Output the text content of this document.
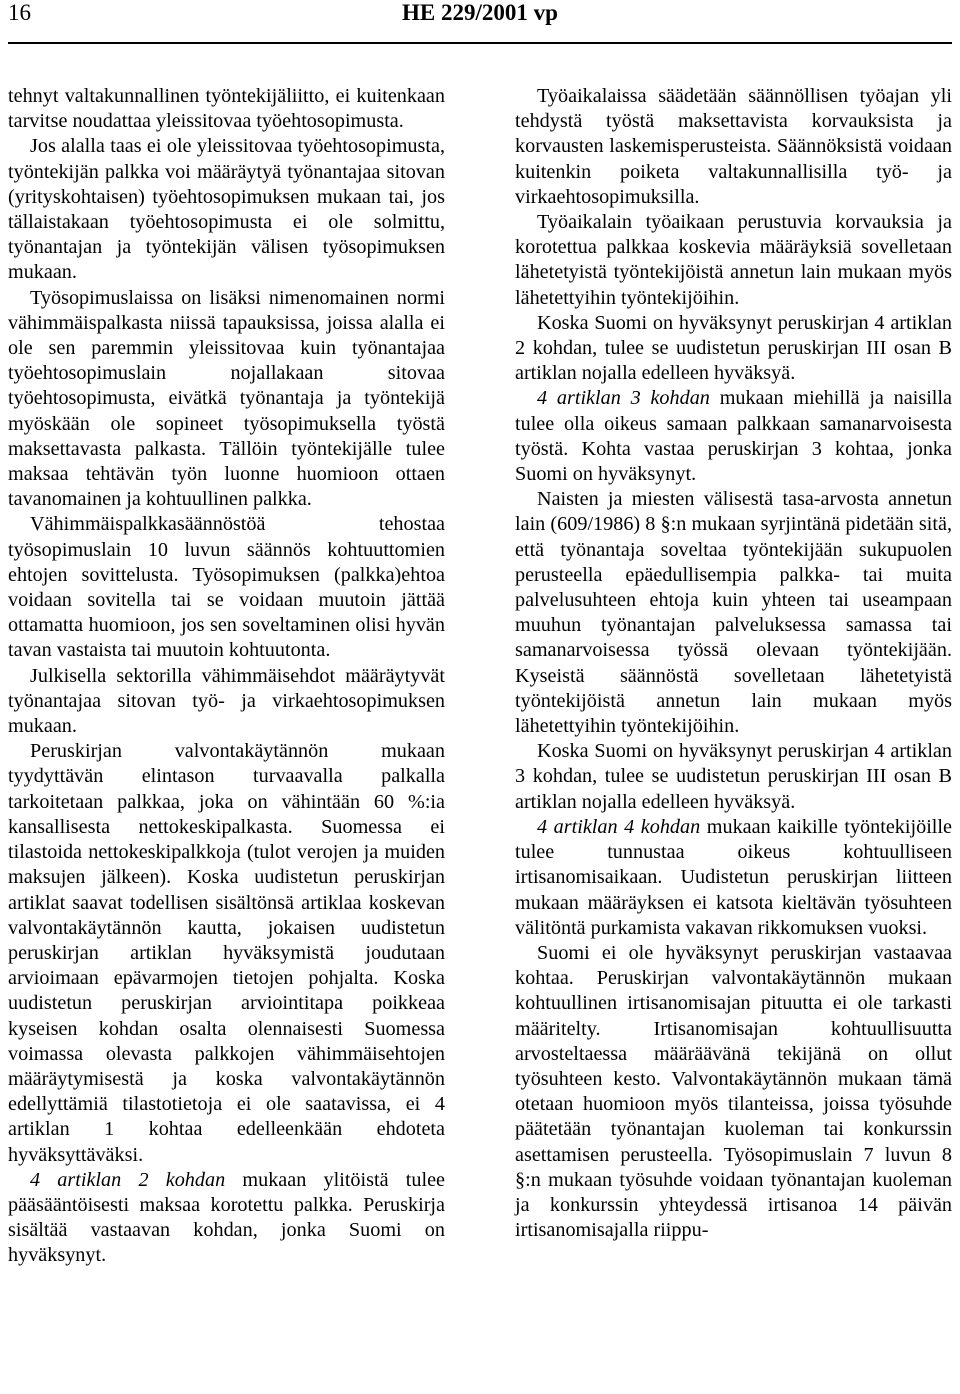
16	HE 229/2001 vp

tehnyt valtakunnallinen työntekijäliitto, ei kuitenkaan tarvitse noudattaa yleissitovaa työehtosopimusta.

Jos alalla taas ei ole yleissitovaa työehtosopimusta, työntekijän palkka voi määräytyä työnantajaa sitovan (yrityskohtaisen) työehtosopimuksen mukaan tai, jos tällaistakaan työehtosopimusta ei ole solmittu, työnantajan ja työntekijän välisen työsopimuksen mukaan.

Työsopimuslaissa on lisäksi nimenomainen normi vähimmäispalkasta niissä tapauksissa, joissa alalla ei ole sen paremmin yleissitovaa kuin työnantajaa työehtosopimuslain nojallakaan sitovaa työehtosopimusta, eivätkä työnantaja ja työntekijä myöskään ole sopineet työsopimuksella työstä maksettavasta palkasta. Tällöin työntekijälle tulee maksaa tehtävän työn luonne huomioon ottaen tavanomainen ja kohtuullinen palkka.

Vähimmäispalkkasäännöstöä tehostaa työsopimuslain 10 luvun säännös kohtuuttomien ehtojen sovittelusta. Työsopimuksen (palkka)ehtoa voidaan sovitella tai se voidaan muutoin jättää ottamatta huomioon, jos sen soveltaminen olisi hyvän tavan vastaista tai muutoin kohtuutonta.

Julkisella sektorilla vähimmäisehdot määräytyvät työnantajaa sitovan työ- ja virkaehtosopimuksen mukaan.

Peruskirjan valvontakäytännön mukaan tyydyttävän elintason turvaavalla palkalla tarkoitetaan palkkaa, joka on vähintään 60 %:ia kansallisesta nettokeskipalkasta. Suomessa ei tilastoida nettokeskipalkkoja (tulot verojen ja muiden maksujen jälkeen). Koska uudistetun peruskirjan artiklat saavat todellisen sisältönsä artiklaa koskevan valvontakäytännön kautta, jokaisen uudistetun peruskirjan artiklan hyväksymistä joudutaan arvioimaan epävarmojen tietojen pohjalta. Koska uudistetun peruskirjan arviointitapa poikkeaa kyseisen kohdan osalta olennaisesti Suomessa voimassa olevasta palkkojen vähimmäisehtojen määräytymisestä ja koska valvontakäytännön edellyttämiä tilastotietoja ei ole saatavissa, ei 4 artiklan 1 kohtaa edelleenkään ehdoteta hyväksyttäväksi.

4 artiklan 2 kohdan mukaan ylitöistä tulee pääsääntöisesti maksaa korotettu palkka. Peruskirja sisältää vastaavan kohdan, jonka Suomi on hyväksynyt.

Työaikalaissa säädetään säännöllisen työajan yli tehdystä työstä maksettavista korvauksista ja korvausten laskemisperusteista. Säännöksistä voidaan kuitenkin poiketa valtakunnallisilla työ- ja virkaehtosopimuksilla.

Työaikalain työaikaan perustuvia korvauksia ja korotettua palkkaa koskevia määräyksiä sovelletaan lähetetyistä työntekijöistä annetun lain mukaan myös lähetettyihin työntekijöihin.

Koska Suomi on hyväksynyt peruskirjan 4 artiklan 2 kohdan, tulee se uudistetun peruskirjan III osan B artiklan nojalla edelleen hyväksyä.

4 artiklan 3 kohdan mukaan miehillä ja naisilla tulee olla oikeus samaan palkkaan samanarvoisesta työstä. Kohta vastaa peruskirjan 3 kohtaa, jonka Suomi on hyväksynyt.

Naisten ja miesten välisestä tasa-arvosta annetun lain (609/1986) 8 §:n mukaan syrjintänä pidetään sitä, että työnantaja soveltaa työntekijään sukupuolen perusteella epäedullisempia palkka- tai muita palvelusuhteen ehtoja kuin yhteen tai useampaan muuhun työnantajan palveluksessa samassa tai samanarvoisessa työssä olevaan työntekijään. Kyseistä säännöstä sovelletaan lähetetyistä työntekijöistä annetun lain mukaan myös lähetettyihin työntekijöihin.

Koska Suomi on hyväksynyt peruskirjan 4 artiklan 3 kohdan, tulee se uudistetun peruskirjan III osan B artiklan nojalla edelleen hyväksyä.

4 artiklan 4 kohdan mukaan kaikille työntekijöille tulee tunnustaa oikeus kohtuulliseen irtisanomisaikaan. Uudistetun peruskirjan liitteen mukaan määräyksen ei katsota kieltävän työsuhteen välitöntä purkamista vakavan rikkomuksen vuoksi.

Suomi ei ole hyväksynyt peruskirjan vastaavaa kohtaa. Peruskirjan valvontakäytännön mukaan kohtuullinen irtisanomisajan pituutta ei ole tarkasti määritelty. Irtisanomisajan kohtuullisuutta arvosteltaessa määräävänä tekijänä on ollut työsuhteen kesto. Valvontakäytännön mukaan tämä otetaan huomioon myös tilanteissa, joissa työsuhde päätetään työnantajan kuoleman tai konkurssin asettamisen perusteella. Työsopimuslain 7 luvun 8 §:n mukaan työsuhde voidaan työnantajan kuoleman ja konkurssin yhteydessä irtisanoa 14 päivän irtisanomisajalla riippu-
